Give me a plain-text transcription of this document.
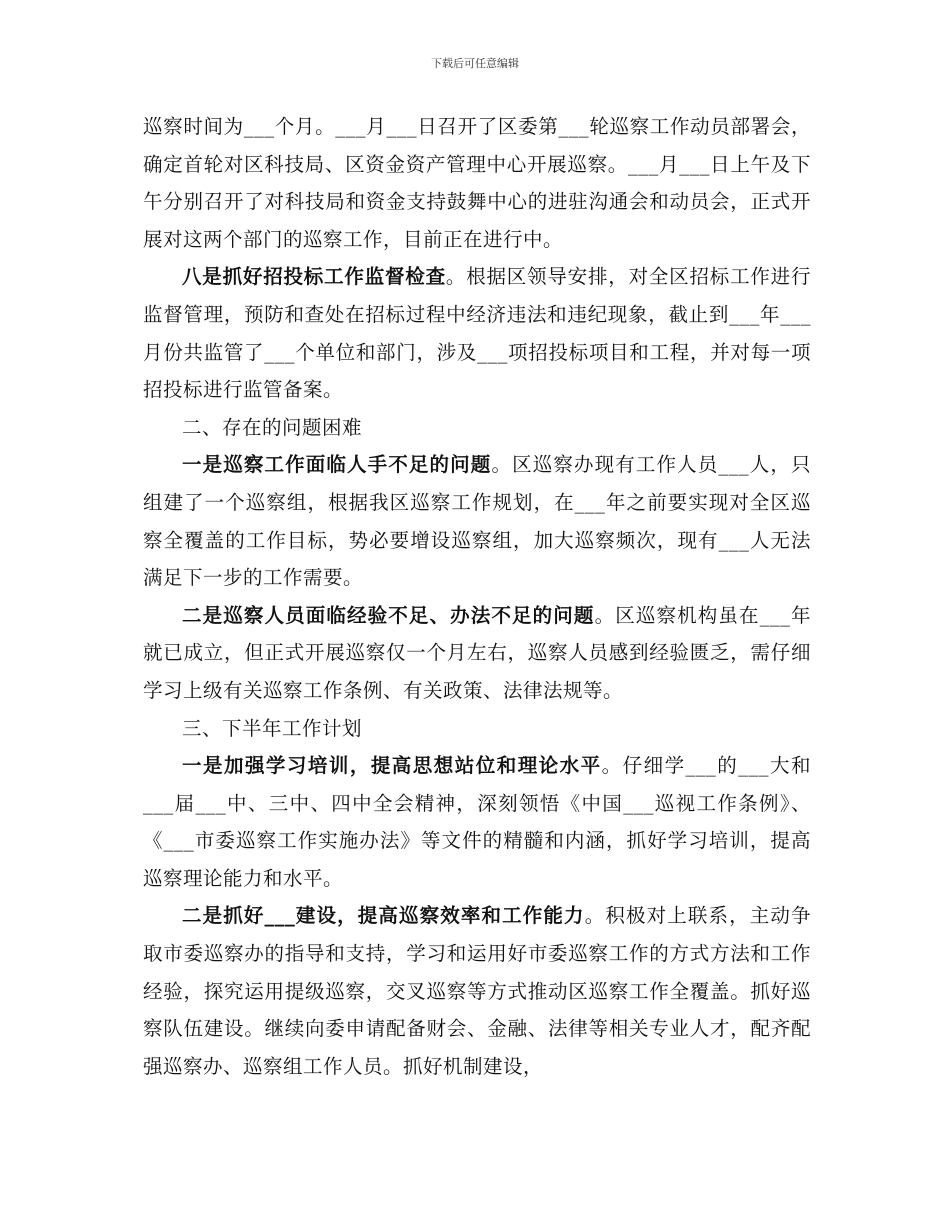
下载后可任意编辑

巡察时间为___个月。___月___日召开了区委第___轮巡察工作动员部署会，确定首轮对区科技局、区资金资产管理中心开展巡察。___月___日上午及下午分别召开了对科技局和资金支持鼓舞中心的进驻沟通会和动员会，正式开展对这两个部门的巡察工作，目前正在进行中。

八是抓好招投标工作监督检查。根据区领导安排，对全区招标工作进行监督管理，预防和查处在招标过程中经济违法和违纪现象，截止到___年___月份共监管了___个单位和部门，涉及___项招投标项目和工程，并对每一项招投标进行监管备案。

二、存在的问题困难

一是巡察工作面临人手不足的问题。区巡察办现有工作人员___人，只组建了一个巡察组，根据我区巡察工作规划，在___年之前要实现对全区巡察全覆盖的工作目标，势必要增设巡察组，加大巡察频次，现有___人无法满足下一步的工作需要。

二是巡察人员面临经验不足、办法不足的问题。区巡察机构虽在___年就已成立，但正式开展巡察仅一个月左右，巡察人员感到经验匮乏，需仔细学习上级有关巡察工作条例、有关政策、法律法规等。

三、下半年工作计划

一是加强学习培训，提高思想站位和理论水平。仔细学___的___大和___届___中、三中、四中全会精神，深刻领悟《中国___巡视工作条例》、《___市委巡察工作实施办法》等文件的精髓和内涵，抓好学习培训，提高巡察理论能力和水平。

二是抓好___建设，提高巡察效率和工作能力。积极对上联系，主动争取市委巡察办的指导和支持，学习和运用好市委巡察工作的方式方法和工作经验，探究运用提级巡察，交叉巡察等方式推动区巡察工作全覆盖。抓好巡察队伍建设。继续向委申请配备财会、金融、法律等相关专业人才，配齐配强巡察办、巡察组工作人员。抓好机制建设，
